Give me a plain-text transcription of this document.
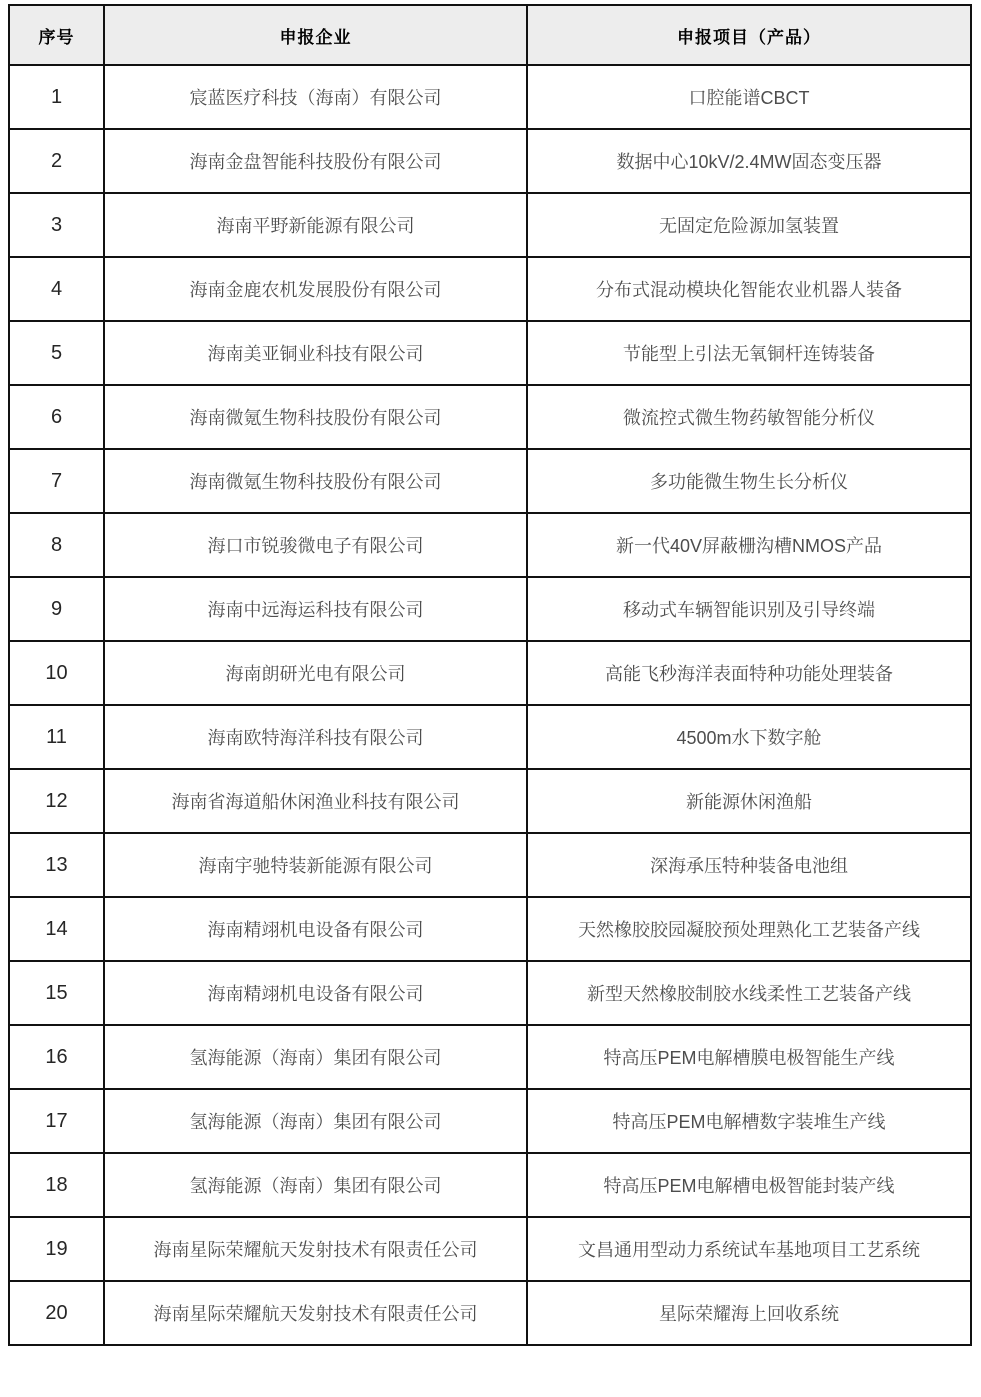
序号	申报企业	申报项目（产品）
1	宸蓝医疗科技（海南）有限公司	口腔能谱CBCT
2	海南金盘智能科技股份有限公司	数据中心10kV/2.4MW固态变压器
3	海南平野新能源有限公司	无固定危险源加氢装置
4	海南金鹿农机发展股份有限公司	分布式混动模块化智能农业机器人装备
5	海南美亚铜业科技有限公司	节能型上引法无氧铜杆连铸装备
6	海南微氪生物科技股份有限公司	微流控式微生物药敏智能分析仪
7	海南微氪生物科技股份有限公司	多功能微生物生长分析仪
8	海口市锐骏微电子有限公司	新一代40V屏蔽栅沟槽NMOS产品
9	海南中远海运科技有限公司	移动式车辆智能识别及引导终端
10	海南朗研光电有限公司	高能飞秒海洋表面特种功能处理装备
11	海南欧特海洋科技有限公司	4500m水下数字舱
12	海南省海道船休闲渔业科技有限公司	新能源休闲渔船
13	海南宇驰特装新能源有限公司	深海承压特种装备电池组
14	海南精翊机电设备有限公司	天然橡胶胶园凝胶预处理熟化工艺装备产线
15	海南精翊机电设备有限公司	新型天然橡胶制胶水线柔性工艺装备产线
16	氢海能源（海南）集团有限公司	特高压PEM电解槽膜电极智能生产线
17	氢海能源（海南）集团有限公司	特高压PEM电解槽数字装堆生产线
18	氢海能源（海南）集团有限公司	特高压PEM电解槽电极智能封装产线
19	海南星际荣耀航天发射技术有限责任公司	文昌通用型动力系统试车基地项目工艺系统
20	海南星际荣耀航天发射技术有限责任公司	星际荣耀海上回收系统
